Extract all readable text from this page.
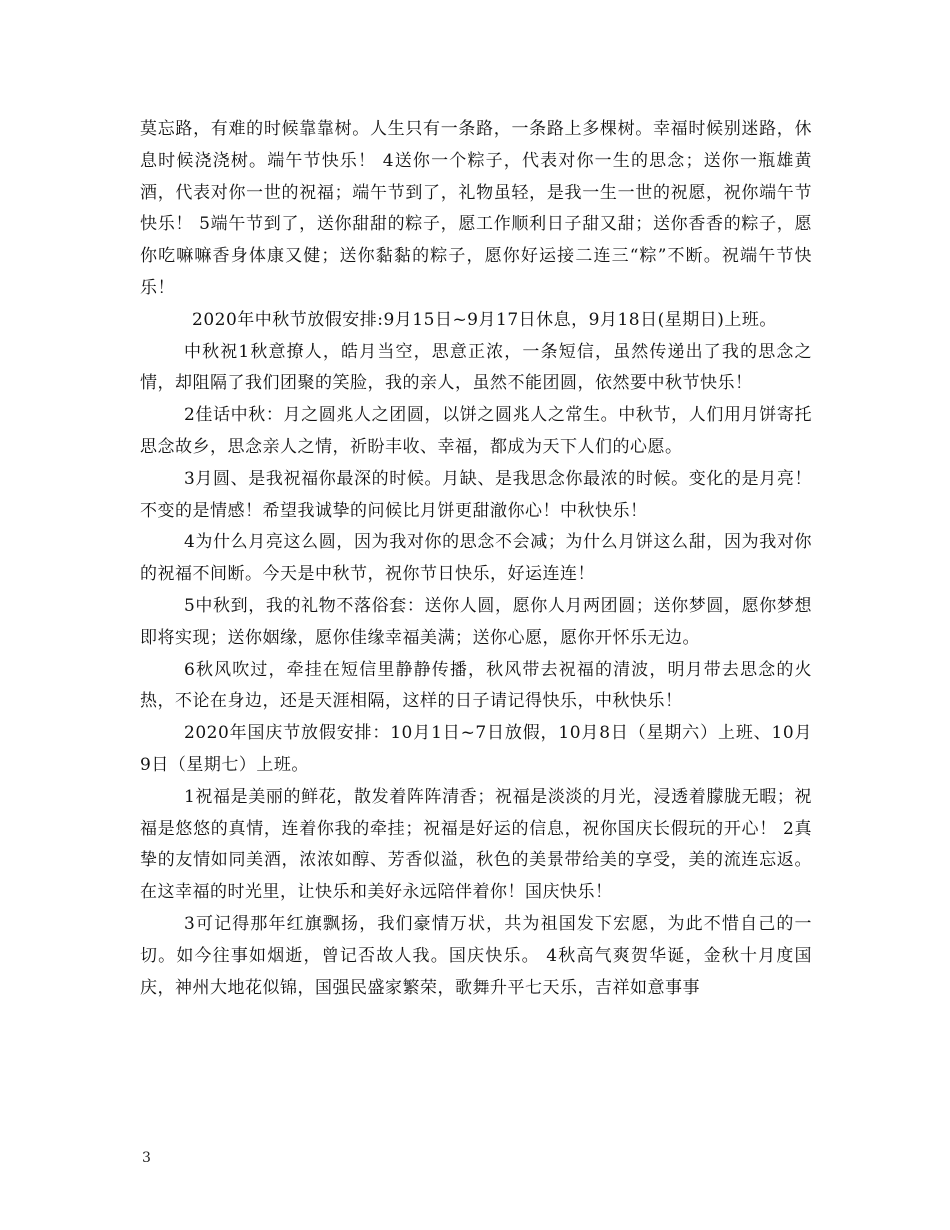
莫忘路，有难的时候靠靠树。人生只有一条路，一条路上多棵树。幸福时候别迷路，休息时候浇浇树。端午节快乐！ 4送你一个粽子，代表对你一生的思念；送你一瓶雄黄酒，代表对你一世的祝福；端午节到了，礼物虽轻，是我一生一世的祝愿，祝你端午节快乐！ 5端午节到了，送你甜甜的粽子，愿工作顺利日子甜又甜；送你香香的粽子，愿你吃嘛嘛香身体康又健；送你黏黏的粽子，愿你好运接二连三“粽”不断。祝端午节快乐！

2020年中秋节放假安排:9月15日~9月17日休息，9月18日(星期日)上班。

中秋祝1秋意撩人，皓月当空，思意正浓，一条短信，虽然传递出了我的思念之情，却阻隔了我们团聚的笑脸，我的亲人，虽然不能团圆，依然要中秋节快乐！

2佳话中秋：月之圆兆人之团圆，以饼之圆兆人之常生。中秋节，人们用月饼寄托思念故乡，思念亲人之情，祈盼丰收、幸福，都成为天下人们的心愿。

3月圆、是我祝福你最深的时候。月缺、是我思念你最浓的时候。变化的是月亮！不变的是情感！希望我诚挚的问候比月饼更甜澈你心！中秋快乐！

4为什么月亮这么圆，因为我对你的思念不会减；为什么月饼这么甜，因为我对你的祝福不间断。今天是中秋节，祝你节日快乐，好运连连！

5中秋到，我的礼物不落俗套：送你人圆，愿你人月两团圆；送你梦圆，愿你梦想即将实现；送你姻缘，愿你佳缘幸福美满；送你心愿，愿你开怀乐无边。

6秋风吹过，牵挂在短信里静静传播，秋风带去祝福的清波，明月带去思念的火热，不论在身边，还是天涯相隔，这样的日子请记得快乐，中秋快乐！

2020年国庆节放假安排：10月1日~7日放假，10月8日（星期六）上班、10月9日（星期七）上班。

1祝福是美丽的鲜花，散发着阵阵清香；祝福是淡淡的月光，浸透着朦胧无暇；祝福是悠悠的真情，连着你我的牵挂；祝福是好运的信息，祝你国庆长假玩的开心！ 2真挚的友情如同美酒，浓浓如醇、芳香似溢，秋色的美景带给美的享受，美的流连忘返。在这幸福的时光里，让快乐和美好永远陪伴着你！国庆快乐！

3可记得那年红旗飘扬，我们豪情万状，共为祖国发下宏愿，为此不惜自己的一切。如今往事如烟逝，曾记否故人我。国庆快乐。 4秋高气爽贺华诞，金秋十月度国庆，神州大地花似锦，国强民盛家繁荣，歌舞升平七天乐，吉祥如意事事

3
